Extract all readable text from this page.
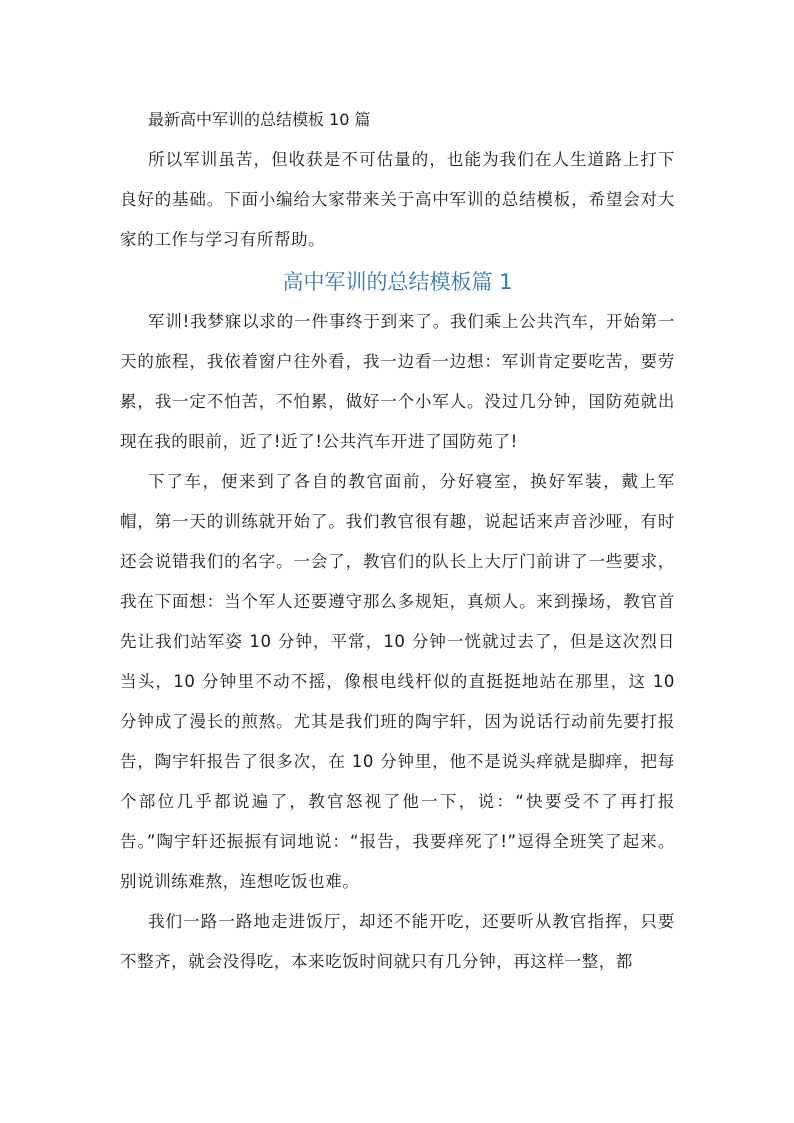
最新高中军训的总结模板 10 篇

所以军训虽苦，但收获是不可估量的，也能为我们在人生道路上打下良好的基础。下面小编给大家带来关于高中军训的总结模板，希望会对大家的工作与学习有所帮助。

高中军训的总结模板篇 1

军训!我梦寐以求的一件事终于到来了。我们乘上公共汽车，开始第一天的旅程，我依着窗户往外看，我一边看一边想：军训肯定要吃苦，要劳累，我一定不怕苦，不怕累，做好一个小军人。没过几分钟，国防苑就出现在我的眼前，近了!近了!公共汽车开进了国防苑了!

下了车，便来到了各自的教官面前，分好寝室，换好军装，戴上军帽，第一天的训练就开始了。我们教官很有趣，说起话来声音沙哑，有时还会说错我们的名字。一会了，教官们的队长上大厅门前讲了一些要求，我在下面想：当个军人还要遵守那么多规矩，真烦人。来到操场，教官首先让我们站军姿 10 分钟，平常，10 分钟一恍就过去了，但是这次烈日当头，10 分钟里不动不摇，像根电线杆似的直挺挺地站在那里，这 10 分钟成了漫长的煎熬。尤其是我们班的陶宇轩，因为说话行动前先要打报告，陶宇轩报告了很多次，在 10 分钟里，他不是说头痒就是脚痒，把每个部位几乎都说遍了，教官怒视了他一下，说：“快要受不了再打报告。”陶宇轩还振振有词地说：“报告，我要痒死了!”逗得全班笑了起来。别说训练难熬，连想吃饭也难。

我们一路一路地走进饭厅，却还不能开吃，还要听从教官指挥，只要不整齐，就会没得吃，本来吃饭时间就只有几分钟，再这样一整，都
